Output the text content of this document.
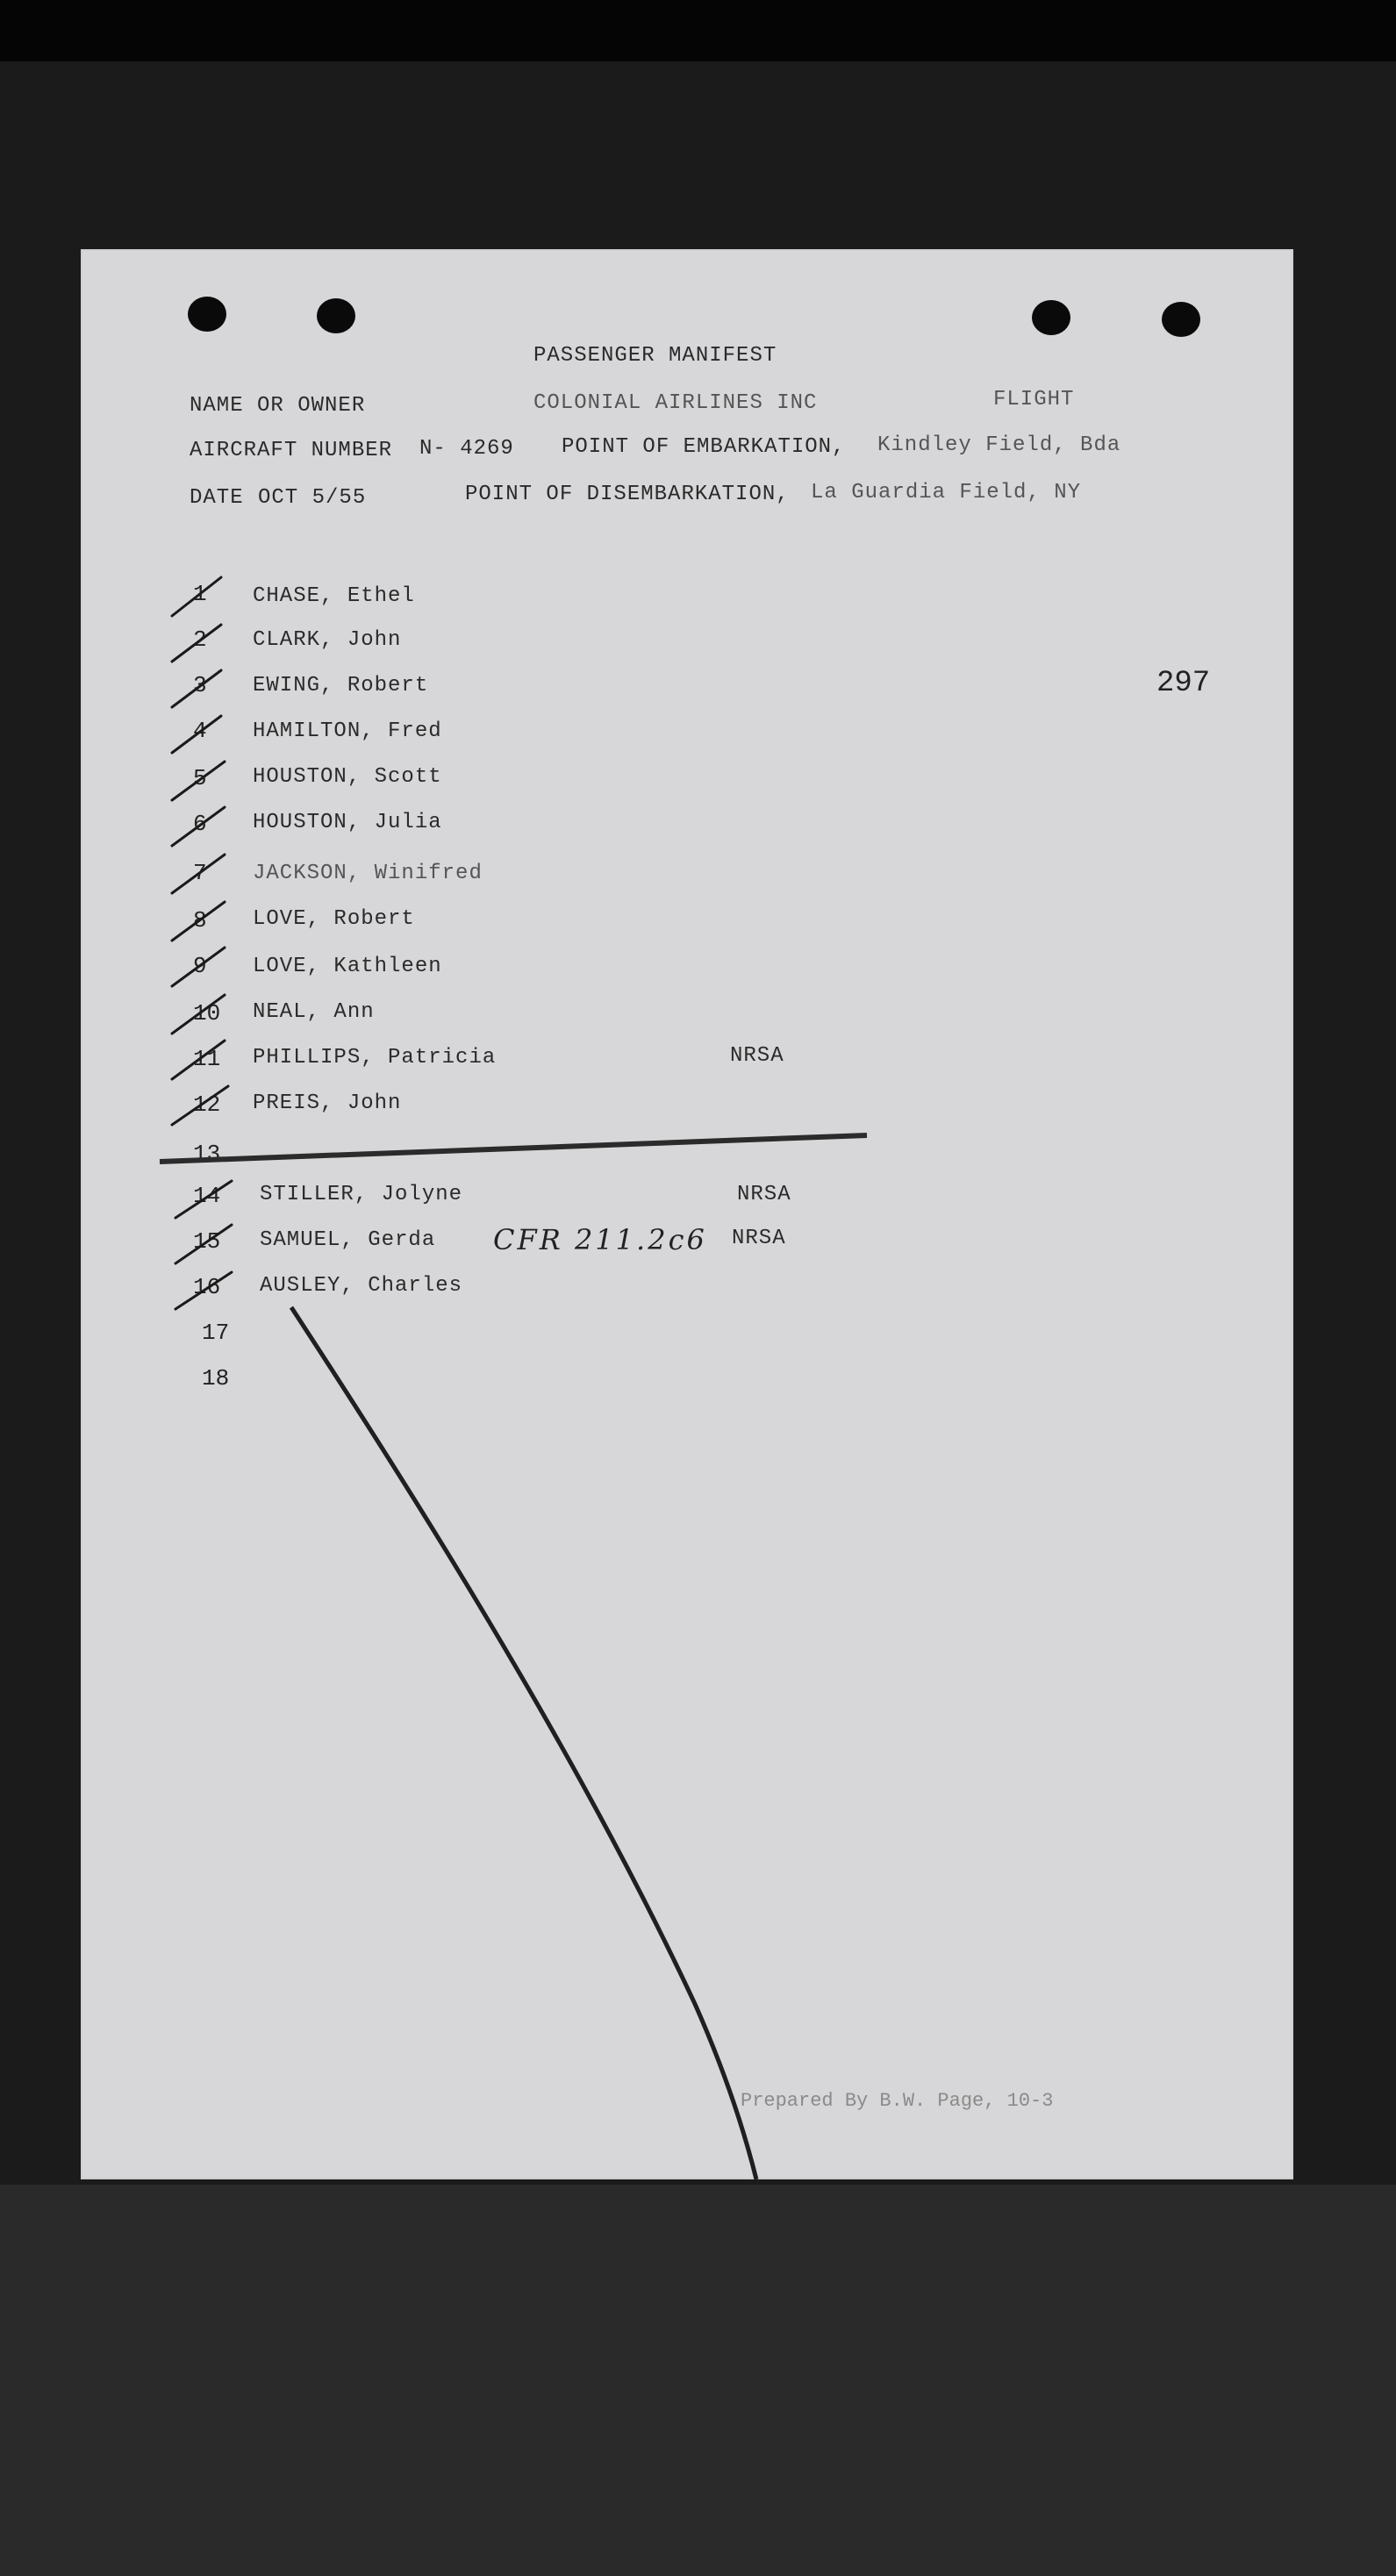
PASSENGER MANIFEST
NAME OR OWNER	COLONIAL AIRLINES INC	FLIGHT
AIRCRAFT NUMBER N- 4269 POINT OF EMBARKATION, Kindley Field, Bda
DATE OCT 5/55	POINT OF DISEMBARKATION, La Guardia Field, NY
297
1	CHASE, Ethel
2	CLARK, John
3	EWING, Robert
4	HAMILTON, Fred
5	HOUSTON, Scott
6	HOUSTON, Julia
7	JACKSON, Winifred
8	LOVE, Robert
9	LOVE, Kathleen
10	NEAL, Ann
11	PHILLIPS, Patricia	NRSA
12	PREIS, John
13
14	STILLER, Jolyne	NRSA
15	SAMUEL, Gerda CFR 211.2c6 NRSA
16	AUSLEY, Charles
17
18
Prepared By B.W. Page, 10-3
